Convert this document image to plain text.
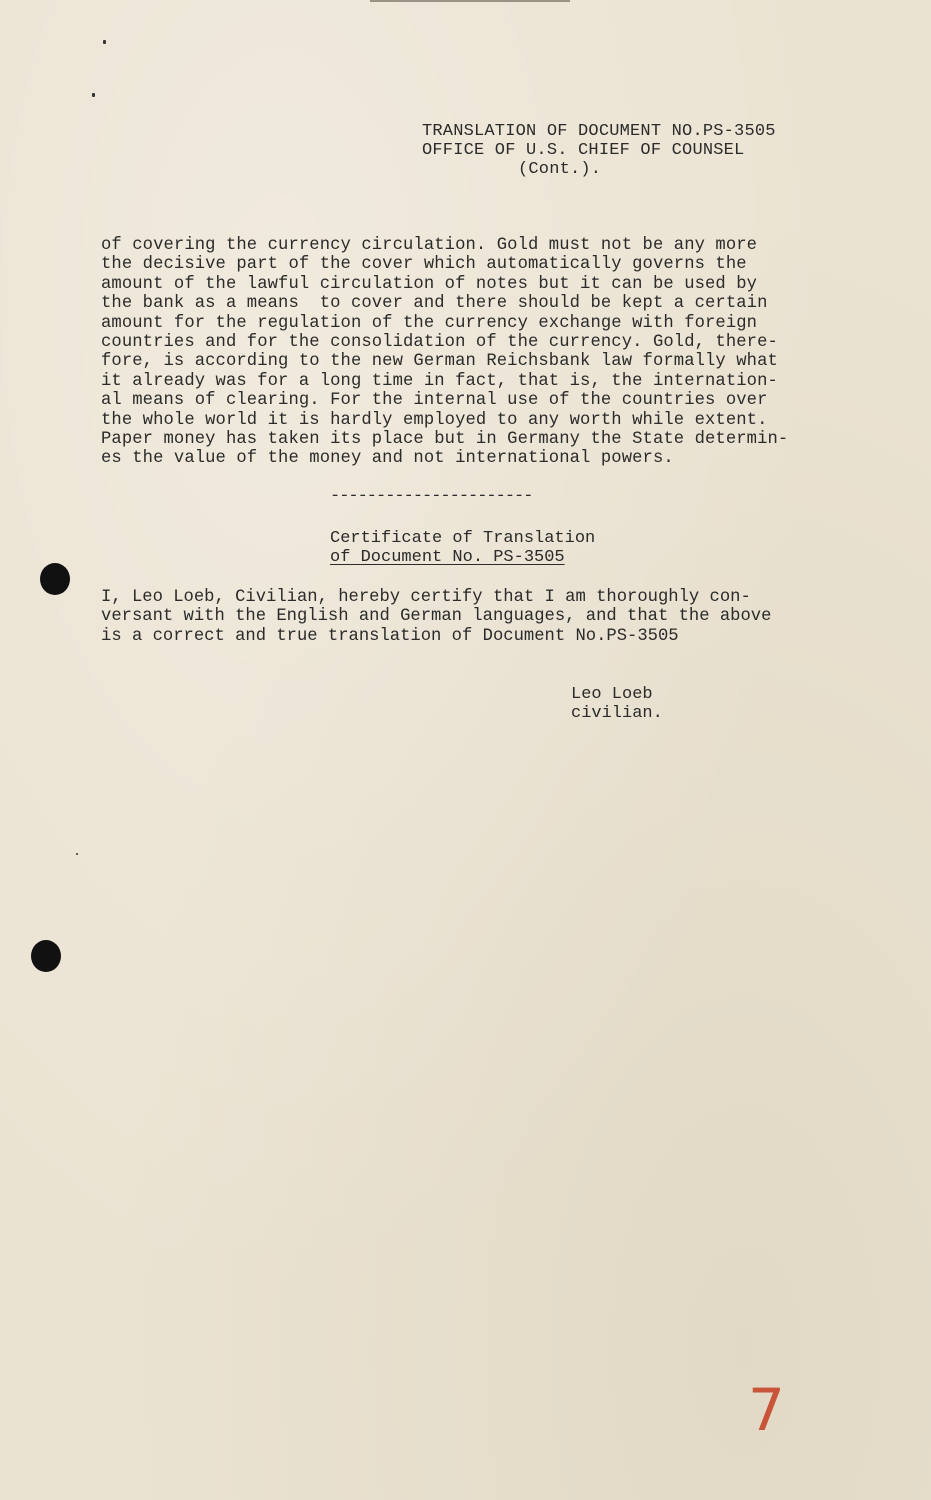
TRANSLATION OF DOCUMENT NO.PS-3505
OFFICE OF U.S. CHIEF OF COUNSEL
(Cont.).
of covering the currency circulation. Gold must not be any more
the decisive part of the cover which automatically governs the
amount of the lawful circulation of notes but it can be used by
the bank as a means  to cover and there should be kept a certain
amount for the regulation of the currency exchange with foreign
countries and for the consolidation of the currency. Gold, there-
fore, is according to the new German Reichsbank law formally what
it already was for a long time in fact, that is, the internation-
al means of clearing. For the internal use of the countries over
the whole world it is hardly employed to any worth while extent.
Paper money has taken its place but in Germany the State determin-
es the value of the money and not international powers.
----------------------
Certificate of Translation
of Document No. PS-3505
I, Leo Loeb, Civilian, hereby certify that I am thoroughly con-
versant with the English and German languages, and that the above
is a correct and true translation of Document No.PS-3505
Leo Loeb
civilian.
7
